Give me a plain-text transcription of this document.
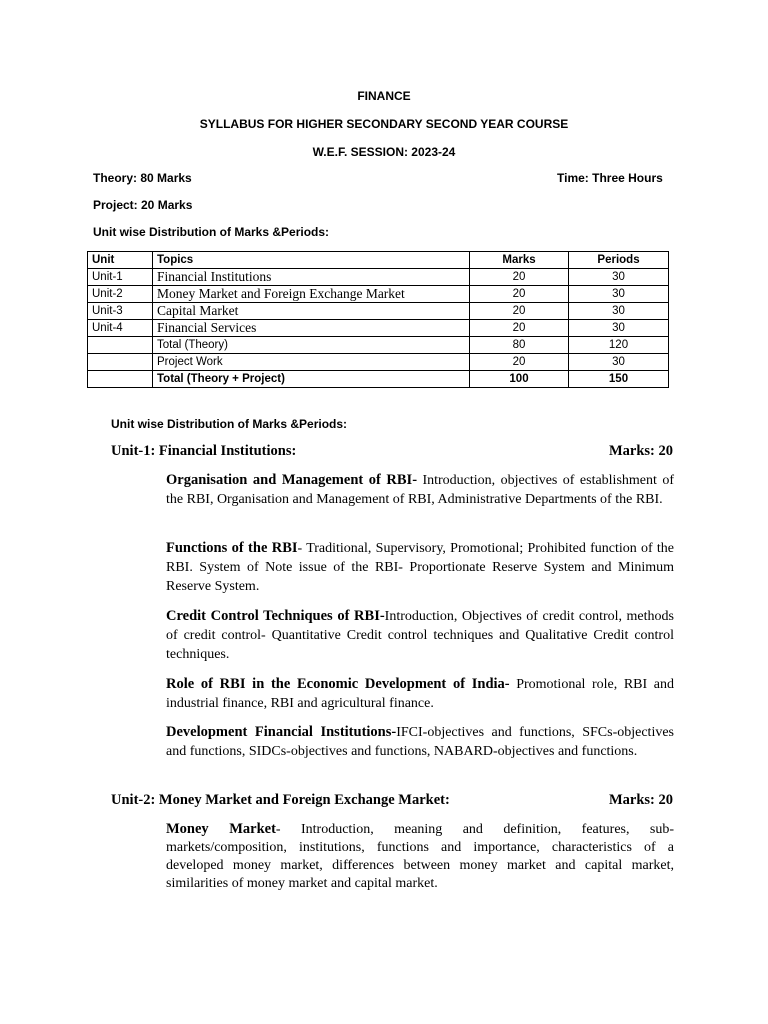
FINANCE
SYLLABUS FOR HIGHER SECONDARY SECOND YEAR COURSE
W.E.F. SESSION: 2023-24
Theory: 80 Marks	Time: Three Hours
Project: 20 Marks
Unit wise Distribution of Marks &Periods:
Unit	Topics	Marks	Periods
Unit-1	Financial Institutions	20	30
Unit-2	Money Market and Foreign Exchange Market	20	30
Unit-3	Capital Market	20	30
Unit-4	Financial Services	20	30
	Total (Theory)	80	120
	Project Work	20	30
	Total (Theory + Project)	100	150
Unit wise Distribution of Marks &Periods:
Unit-1: Financial Institutions:	Marks: 20

Organisation and Management of RBI- Introduction, objectives of establishment of the RBI, Organisation and Management of RBI, Administrative Departments of the RBI.

Functions of the RBI- Traditional, Supervisory, Promotional; Prohibited function of the RBI. System of Note issue of the RBI- Proportionate Reserve System and Minimum Reserve System.

Credit Control Techniques of RBI-Introduction, Objectives of credit control, methods of credit control- Quantitative Credit control techniques and Qualitative Credit control techniques.

Role of RBI in the Economic Development of India- Promotional role, RBI and industrial finance, RBI and agricultural finance.

Development Financial Institutions-IFCI-objectives and functions, SFCs-objectives and functions, SIDCs-objectives and functions, NABARD-objectives and functions.

Unit-2: Money Market and Foreign Exchange Market:	Marks: 20

Money Market- Introduction, meaning and definition, features, sub-markets/composition, institutions, functions and importance, characteristics of a developed money market, differences between money market and capital market, similarities of money market and capital market.
